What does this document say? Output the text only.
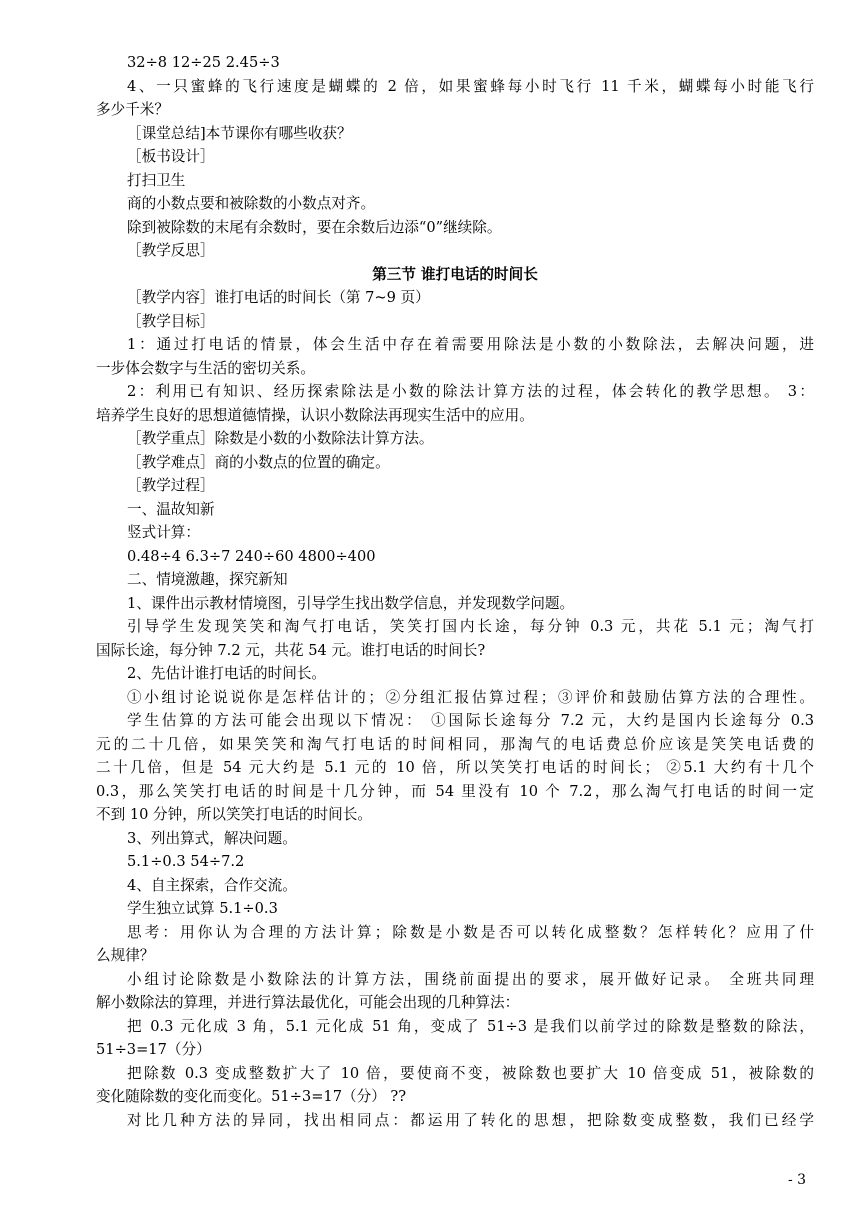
32÷8 12÷25 2.45÷3
4、一只蜜蜂的飞行速度是蝴蝶的 2 倍，如果蜜蜂每小时飞行 11 千米，蝴蝶每小时能飞行
多少千米？
［课堂总结]本节课你有哪些收获？
［板书设计］
打扫卫生
商的小数点要和被除数的小数点对齐。
除到被除数的末尾有余数时，要在余数后边添“0”继续除。
［教学反思］
第三节 谁打电话的时间长
［教学内容］谁打电话的时间长（第 7~9 页）
［教学目标］
1：通过打电话的情景，体会生活中存在着需要用除法是小数的小数除法，去解决问题，进
一步体会数字与生活的密切关系。
2：利用已有知识、经历探索除法是小数的除法计算方法的过程，体会转化的教学思想。 3：
培养学生良好的思想道德情操，认识小数除法再现实生活中的应用。
［教学重点］除数是小数的小数除法计算方法。
［教学难点］商的小数点的位置的确定。
［教学过程］
一、温故知新
竖式计算：
0.48÷4 6.3÷7 240÷60 4800÷400
二、情境激趣，探究新知
1、课件出示教材情境图，引导学生找出数学信息，并发现数学问题。
引导学生发现笑笑和淘气打电话，笑笑打国内长途，每分钟 0.3 元，共花 5.1 元；淘气打
国际长途，每分钟 7.2 元，共花 54 元。谁打电话的时间长?
2、先估计谁打电话的时间长。
①小组讨论说说你是怎样估计的；②分组汇报估算过程；③评价和鼓励估算方法的合理性。
学生估算的方法可能会出现以下情况： ①国际长途每分 7.2 元，大约是国内长途每分 0.3
元的二十几倍，如果笑笑和淘气打电话的时间相同，那淘气的电话费总价应该是笑笑电话费的
二十几倍，但是 54 元大约是 5.1 元的 10 倍，所以笑笑打电话的时间长； ②5.1 大约有十几个
0.3，那么笑笑打电话的时间是十几分钟，而 54 里没有 10 个 7.2，那么淘气打电话的时间一定
不到 10 分钟，所以笑笑打电话的时间长。
3、列出算式，解决问题。
5.1÷0.3 54÷7.2
4、自主探索，合作交流。
学生独立试算 5.1÷0.3
思考：用你认为合理的方法计算；除数是小数是否可以转化成整数？怎样转化？应用了什
么规律？
小组讨论除数是小数除法的计算方法，围绕前面提出的要求，展开做好记录。 全班共同理
解小数除法的算理，并进行算法最优化，可能会出现的几种算法：
把 0.3 元化成 3 角，5.1 元化成 51 角，变成了 51÷3 是我们以前学过的除数是整数的除法，
51÷3=17（分）
把除数 0.3 变成整数扩大了 10 倍，要使商不变，被除数也要扩大 10 倍变成 51，被除数的
变化随除数的变化而变化。51÷3=17（分） ??
对比几种方法的异同，找出相同点：都运用了转化的思想，把除数变成整数，我们已经学
- 3
